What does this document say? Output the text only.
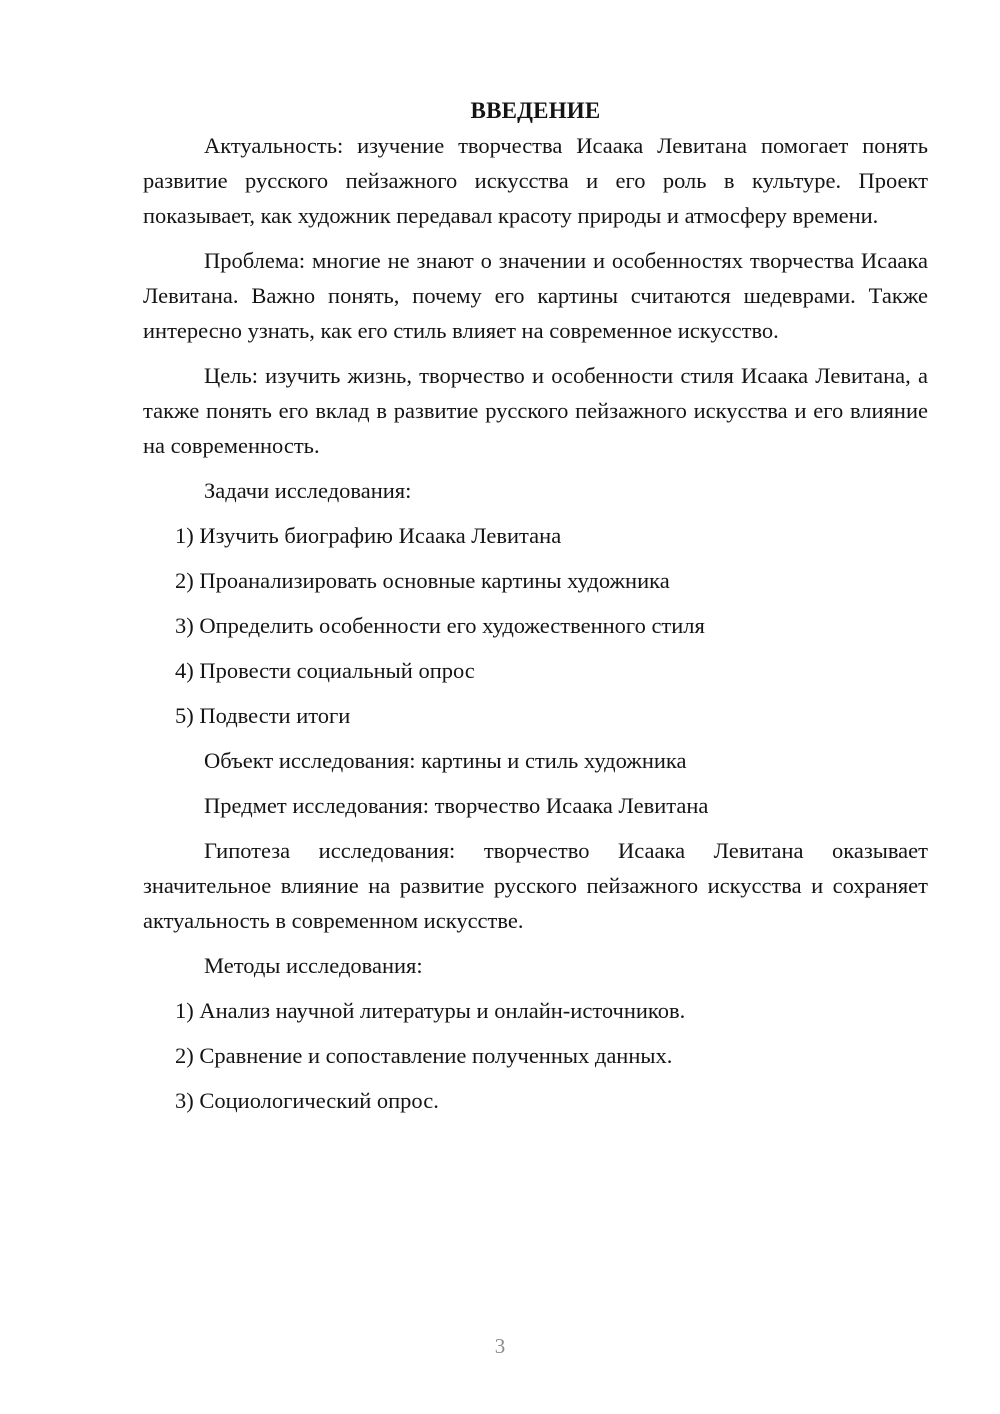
ВВЕДЕНИЕ

Актуальность: изучение творчества Исаака Левитана помогает понять развитие русского пейзажного искусства и его роль в культуре. Проект показывает, как художник передавал красоту природы и атмосферу времени.

Проблема: многие не знают о значении и особенностях творчества Исаака Левитана. Важно понять, почему его картины считаются шедеврами. Также интересно узнать, как его стиль влияет на современное искусство.

Цель: изучить жизнь, творчество и особенности стиля Исаака Левитана, а также понять его вклад в развитие русского пейзажного искусства и его влияние на современность.

Задачи исследования:
1) Изучить биографию Исаака Левитана
2) Проанализировать основные картины художника
3) Определить особенности его художественного стиля
4) Провести социальный опрос
5) Подвести итоги
Объект исследования: картины и стиль художника
Предмет исследования: творчество Исаака Левитана

Гипотеза исследования: творчество Исаака Левитана оказывает значительное влияние на развитие русского пейзажного искусства и сохраняет актуальность в современном искусстве.

Методы исследования:
1) Анализ научной литературы и онлайн-источников.
2) Сравнение и сопоставление полученных данных.
3) Социологический опрос.
3
